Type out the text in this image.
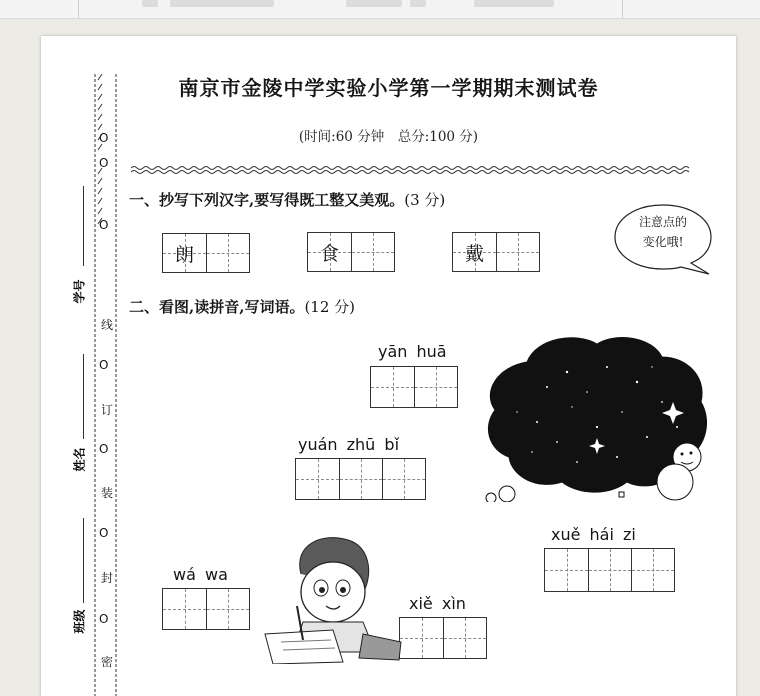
O
O
O
线
O
订
O
装
O
封
O
密
学号
姓名
班级
南京市金陵中学实验小学第一学期期末测试卷
(时间:60 分钟　总分:100 分)
一、抄写下列汉字,要写得既工整又美观。(3 分)
朗	食	戴
注意点的
变化哦!
二、看图,读拼音,写词语。(12 分)
yān huā
yuán zhū bǐ
xuě hái zi
wá wa
xiě xìn
